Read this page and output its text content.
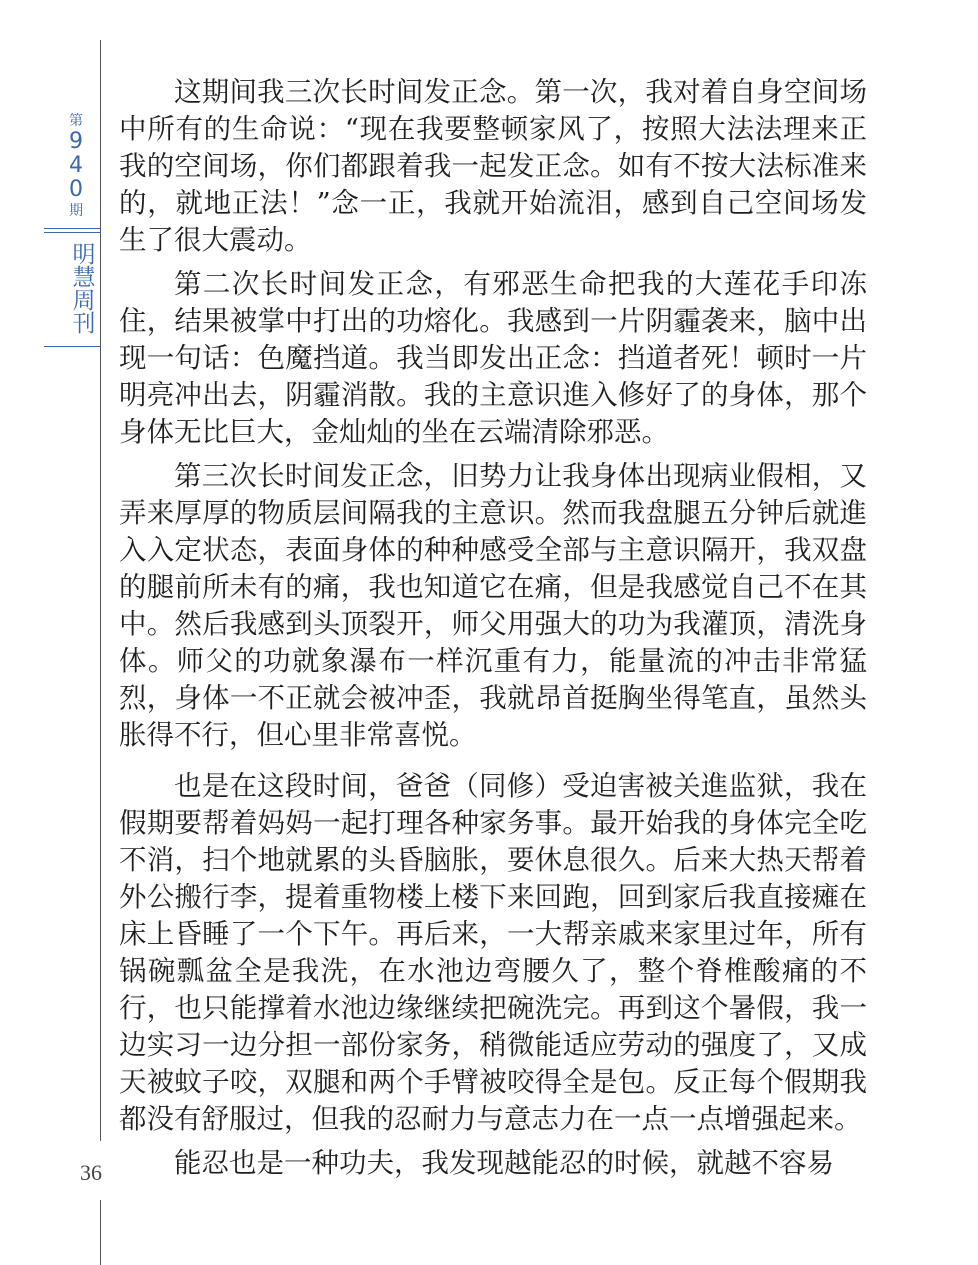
第
9
4
0
期
明慧周刊
36

这期间我三次长时间发正念。第一次，我对着自身空间场中所有的生命说：“现在我要整顿家风了，按照大法法理来正我的空间场，你们都跟着我一起发正念。如有不按大法标准来的，就地正法！”念一正，我就开始流泪，感到自己空间场发生了很大震动。

第二次长时间发正念，有邪恶生命把我的大莲花手印冻住，结果被掌中打出的功熔化。我感到一片阴霾袭来，脑中出现一句话：色魔挡道。我当即发出正念：挡道者死！顿时一片明亮冲出去，阴霾消散。我的主意识進入修好了的身体，那个身体无比巨大，金灿灿的坐在云端清除邪恶。

第三次长时间发正念，旧势力让我身体出现病业假相，又弄来厚厚的物质层间隔我的主意识。然而我盘腿五分钟后就進入入定状态，表面身体的种种感受全部与主意识隔开，我双盘的腿前所未有的痛，我也知道它在痛，但是我感觉自己不在其中。然后我感到头顶裂开，师父用强大的功为我灌顶，清洗身体。师父的功就象瀑布一样沉重有力，能量流的冲击非常猛烈，身体一不正就会被冲歪，我就昂首挺胸坐得笔直，虽然头胀得不行，但心里非常喜悦。

也是在这段时间，爸爸（同修）受迫害被关進监狱，我在假期要帮着妈妈一起打理各种家务事。最开始我的身体完全吃不消，扫个地就累的头昏脑胀，要休息很久。后来大热天帮着外公搬行李，提着重物楼上楼下来回跑，回到家后我直接瘫在床上昏睡了一个下午。再后来，一大帮亲戚来家里过年，所有锅碗瓢盆全是我洗，在水池边弯腰久了，整个脊椎酸痛的不行，也只能撑着水池边缘继续把碗洗完。再到这个暑假，我一边实习一边分担一部份家务，稍微能适应劳动的强度了，又成天被蚊子咬，双腿和两个手臂被咬得全是包。反正每个假期我都没有舒服过，但我的忍耐力与意志力在一点一点增强起来。

能忍也是一种功夫，我发现越能忍的时候，就越不容易
